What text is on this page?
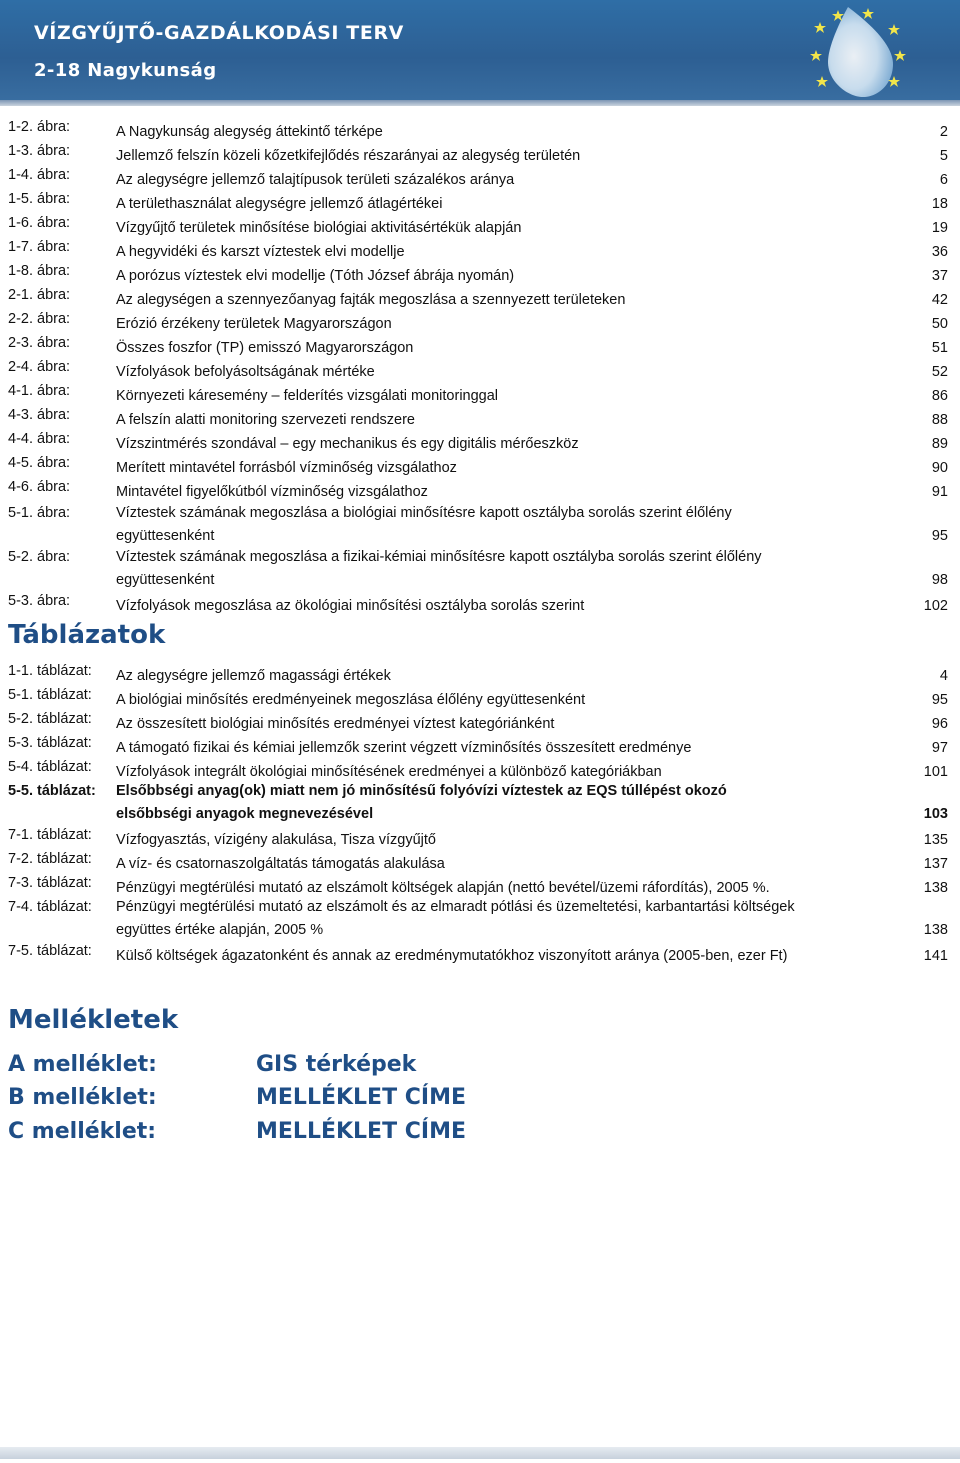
VÍZGYŰJTŐ-GAZDÁLKODÁSI TERV
2-18 Nagykunság
1-2. ábra:	A Nagykunság alegység áttekintő térképe	2
1-3. ábra:	Jellemző felszín közeli kőzetkifejlődés részarányai az alegység területén	5
1-4. ábra:	Az alegységre jellemző talajtípusok területi százalékos aránya	6
1-5. ábra:	A területhasználat alegységre jellemző átlagértékei	18
1-6. ábra:	Vízgyűjtő területek minősítése biológiai aktivitásértékük alapján	19
1-7. ábra:	A hegyvidéki és karszt víztestek elvi modellje	36
1-8. ábra:	A porózus víztestek elvi modellje (Tóth József ábrája nyomán)	37
2-1. ábra:	Az alegységen a szennyezőanyag fajták megoszlása a szennyezett területeken	42
2-2. ábra:	Erózió érzékeny területek Magyarországon	50
2-3. ábra:	Összes foszfor (TP) emisszó Magyarországon	51
2-4. ábra:	Vízfolyások befolyásoltságának mértéke	52
4-1. ábra:	Környezeti káresemény – felderítés vizsgálati monitoringgal	86
4-3. ábra:	A felszín alatti monitoring szervezeti rendszere	88
4-4. ábra:	Vízszintmérés szondával – egy mechanikus és egy digitális mérőeszköz	89
4-5. ábra:	Merített mintavétel forrásból vízminőség vizsgálathoz	90
4-6. ábra:	Mintavétel figyelőkútból vízminőség vizsgálathoz	91
5-1. ábra:	Víztestek számának megoszlása a biológiai minősítésre kapott osztályba sorolás szerint élőlény
együttesenként	95
5-2. ábra:	Víztestek számának megoszlása a fizikai-kémiai minősítésre kapott osztályba sorolás szerint élőlény
együttesenként	98
5-3. ábra:	Vízfolyások megoszlása az ökológiai minősítési osztályba sorolás szerint	102
Táblázatok
1-1. táblázat: Az alegységre jellemző magassági értékek	4
5-1. táblázat: A biológiai minősítés eredményeinek megoszlása élőlény együttesenként	95
5-2. táblázat: Az összesített biológiai minősítés eredményei víztest kategóriánként	96
5-3. táblázat: A támogató fizikai és kémiai jellemzők szerint végzett vízminősítés összesített eredménye	97
5-4. táblázat: Vízfolyások integrált ökológiai minősítésének eredményei a különböző kategóriákban	101
5-5. táblázat: Elsőbbségi anyag(ok) miatt nem jó minősítésű folyóvízi víztestek az EQS túllépést okozó
elsőbbségi anyagok megnevezésével	103
7-1. táblázat: Vízfogyasztás, vízigény alakulása, Tisza vízgyűjtő	135
7-2. táblázat: A víz- és csatornaszolgáltatás támogatás alakulása	137
7-3. táblázat: Pénzügyi megtérülési mutató az elszámolt költségek alapján (nettó bevétel/üzemi ráfordítás), 2005 %.	138
7-4. táblázat: Pénzügyi megtérülési mutató az elszámolt és az elmaradt pótlási és üzemeltetési, karbantartási költségek
együttes értéke alapján, 2005 %	138
7-5. táblázat: Külső költségek ágazatonként és annak az eredménymutatókhoz viszonyított aránya (2005-ben, ezer Ft)	141
Mellékletek
A melléklet:	GIS térképek
B melléklet:	MELLÉKLET CÍME
C melléklet:	MELLÉKLET CÍME
